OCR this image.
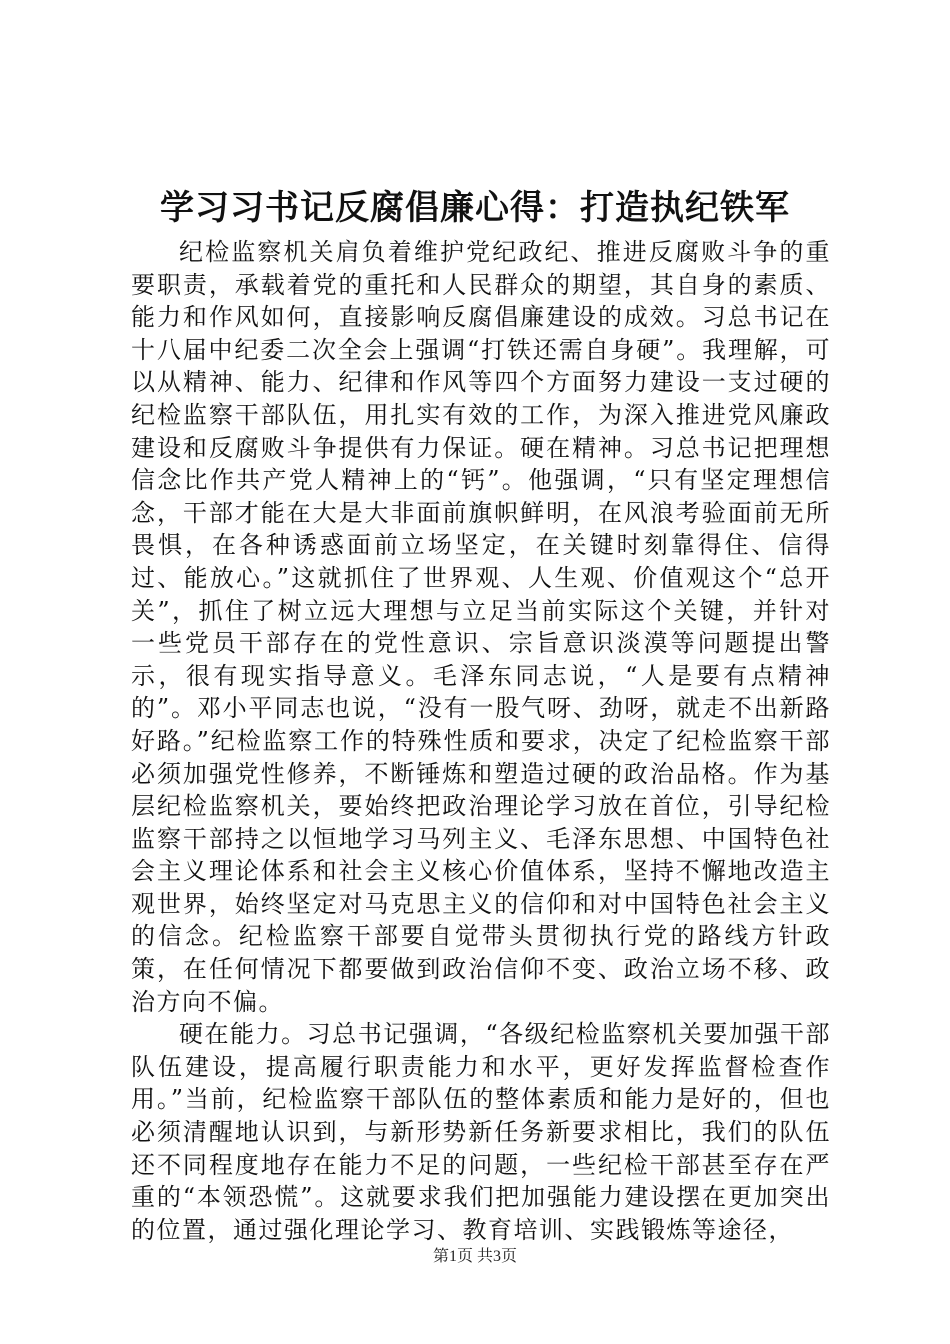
学习习书记反腐倡廉心得：打造执纪铁军

纪检监察机关肩负着维护党纪政纪、推进反腐败斗争的重要职责，承载着党的重托和人民群众的期望，其自身的素质、能力和作风如何，直接影响反腐倡廉建设的成效。习总书记在十八届中纪委二次全会上强调“打铁还需自身硬”。我理解，可以从精神、能力、纪律和作风等四个方面努力建设一支过硬的纪检监察干部队伍，用扎实有效的工作，为深入推进党风廉政建设和反腐败斗争提供有力保证。硬在精神。习总书记把理想信念比作共产党人精神上的“钙”。他强调，“只有坚定理想信念，干部才能在大是大非面前旗帜鲜明，在风浪考验面前无所畏惧，在各种诱惑面前立场坚定，在关键时刻靠得住、信得过、能放心。”这就抓住了世界观、人生观、价值观这个“总开关”，抓住了树立远大理想与立足当前实际这个关键，并针对一些党员干部存在的党性意识、宗旨意识淡漠等问题提出警示，很有现实指导意义。毛泽东同志说，“人是要有点精神的”。邓小平同志也说，“没有一股气呀、劲呀，就走不出新路好路。”纪检监察工作的特殊性质和要求，决定了纪检监察干部必须加强党性修养，不断锤炼和塑造过硬的政治品格。作为基层纪检监察机关，要始终把政治理论学习放在首位，引导纪检监察干部持之以恒地学习马列主义、毛泽东思想、中国特色社会主义理论体系和社会主义核心价值体系，坚持不懈地改造主观世界，始终坚定对马克思主义的信仰和对中国特色社会主义的信念。纪检监察干部要自觉带头贯彻执行党的路线方针政策，在任何情况下都要做到政治信仰不变、政治立场不移、政治方向不偏。

硬在能力。习总书记强调，“各级纪检监察机关要加强干部队伍建设，提高履行职责能力和水平，更好发挥监督检查作用。”当前，纪检监察干部队伍的整体素质和能力是好的，但也必须清醒地认识到，与新形势新任务新要求相比，我们的队伍还不同程度地存在能力不足的问题，一些纪检干部甚至存在严重的“本领恐慌”。这就要求我们把加强能力建设摆在更加突出的位置，通过强化理论学习、教育培训、实践锻炼等途径，

第1页 共3页
